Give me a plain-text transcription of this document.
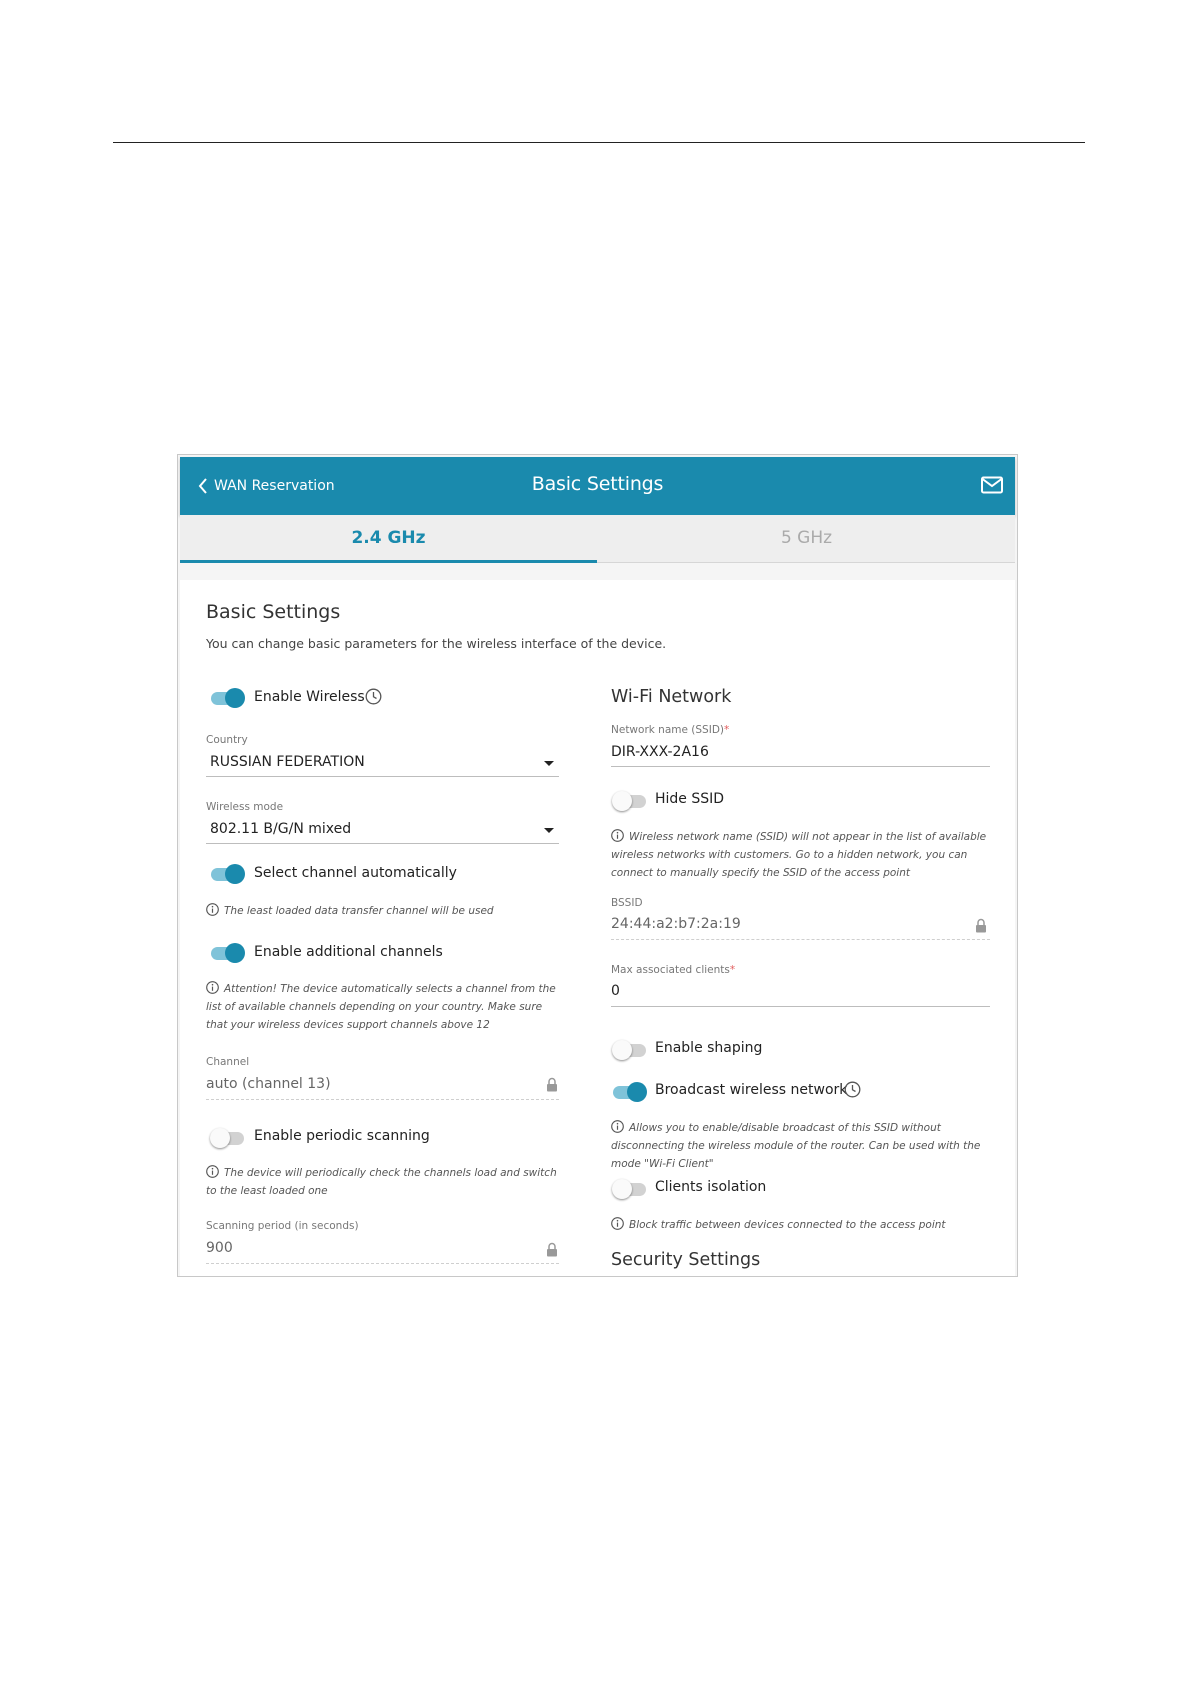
WAN Reservation	Basic Settings
2.4 GHz	5 GHz
Basic Settings
You can change basic parameters for the wireless interface of the device.
Enable Wireless
Country
RUSSIAN FEDERATION
Wireless mode
802.11 B/G/N mixed
Select channel automatically
The least loaded data transfer channel will be used
Enable additional channels
Attention! The device automatically selects a channel from the list of available channels depending on your country. Make sure that your wireless devices support channels above 12
Channel
auto (channel 13)
Enable periodic scanning
The device will periodically check the channels load and switch to the least loaded one
Scanning period (in seconds)
900
Wi-Fi Network
Network name (SSID)*
DIR-XXX-2A16
Hide SSID
Wireless network name (SSID) will not appear in the list of available wireless networks with customers. Go to a hidden network, you can connect to manually specify the SSID of the access point
BSSID
24:44:a2:b7:2a:19
Max associated clients*
0
Enable shaping
Broadcast wireless network
Allows you to enable/disable broadcast of this SSID without disconnecting the wireless module of the router. Can be used with the mode "Wi-Fi Client"
Clients isolation
Block traffic between devices connected to the access point
Security Settings
